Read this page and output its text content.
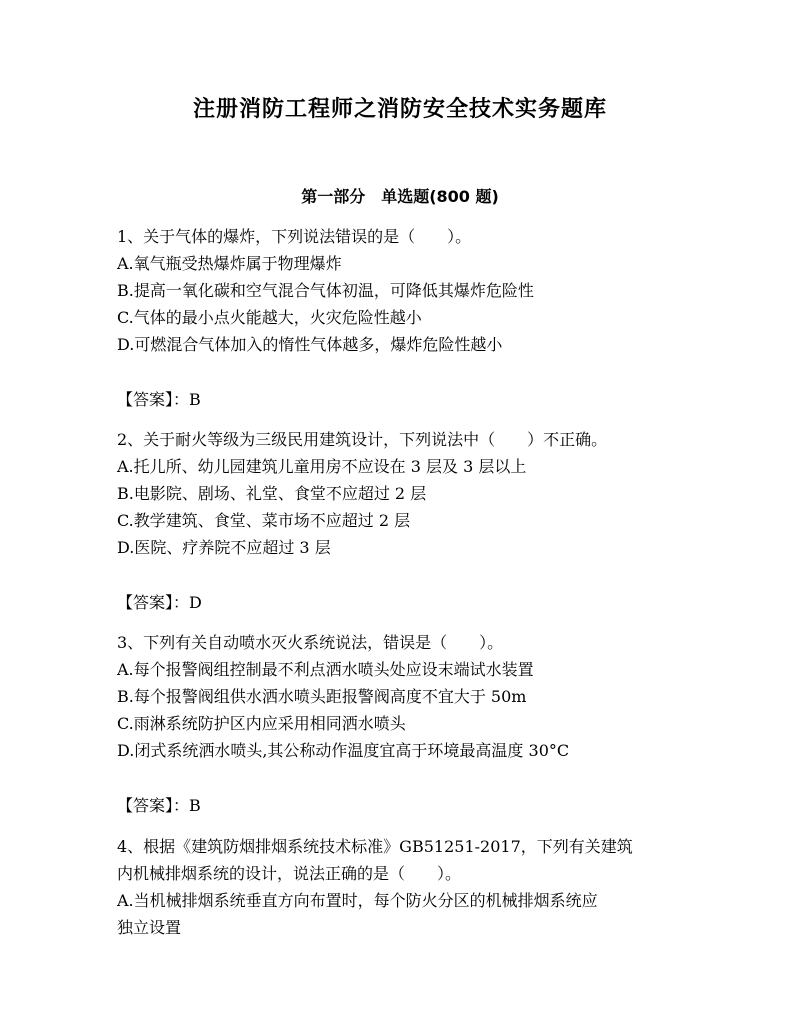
注册消防工程师之消防安全技术实务题库
第一部分　单选题(800 题)
1、关于气体的爆炸，下列说法错误的是（　　）。
A.氧气瓶受热爆炸属于物理爆炸
B.提高一氧化碳和空气混合气体初温，可降低其爆炸危险性
C.气体的最小点火能越大，火灾危险性越小
D.可燃混合气体加入的惰性气体越多，爆炸危险性越小
【答案】：B
2、关于耐火等级为三级民用建筑设计，下列说法中（　　）不正确。
A.托儿所、幼儿园建筑儿童用房不应设在 3 层及 3 层以上
B.电影院、剧场、礼堂、食堂不应超过 2 层
C.教学建筑、食堂、菜市场不应超过 2 层
D.医院、疗养院不应超过 3 层
【答案】：D
3、下列有关自动喷水灭火系统说法，错误是（　　）。
A.每个报警阀组控制最不利点洒水喷头处应设末端试水装置
B.每个报警阀组供水洒水喷头距报警阀高度不宜大于 50m
C.雨淋系统防护区内应采用相同洒水喷头
D.闭式系统洒水喷头,其公称动作温度宜高于环境最高温度 30°C
【答案】：B
4、根据《建筑防烟排烟系统技术标准》GB51251-2017，下列有关建筑
内机械排烟系统的设计，说法正确的是（　　）。
A.当机械排烟系统垂直方向布置时，每个防火分区的机械排烟系统应
独立设置
